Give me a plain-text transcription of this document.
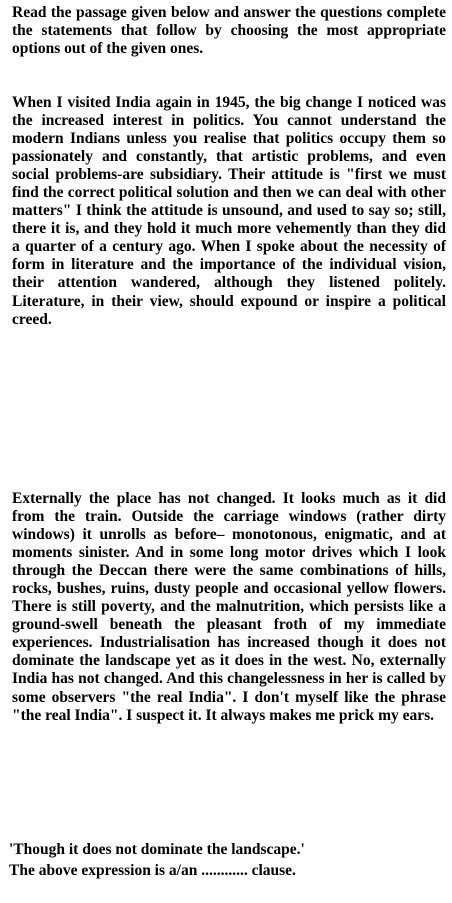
Read the passage given below and answer the questions complete the statements that follow by choosing the most appropriate options out of the given ones.

When I visited India again in 1945, the big change I noticed was the increased interest in politics. You cannot understand the modern Indians unless you realise that politics occupy them so passionately and constantly, that artistic problems, and even social problems-are subsidiary. Their attitude is "first we must find the correct political solution and then we can deal with other matters" I think the attitude is unsound, and used to say so; still, there it is, and they hold it much more vehemently than they did a quarter of a century ago. When I spoke about the necessity of form in literature and the importance of the individual vision, their attention wandered, although they listened politely. Literature, in their view, should expound or inspire a political creed.

Externally the place has not changed. It looks much as it did from the train. Outside the carriage windows (rather dirty windows) it unrolls as before– monotonous, enigmatic, and at moments sinister. And in some long motor drives which I look through the Deccan there were the same combinations of hills, rocks, bushes, ruins, dusty people and occasional yellow flowers. There is still poverty, and the malnutrition, which persists like a ground-swell beneath the pleasant froth of my immediate experiences. Industrialisation has increased though it does not dominate the landscape yet as it does in the west. No, externally India has not changed. And this changelessness in her is called by some observers "the real India". I don't myself like the phrase "the real India". I suspect it. It always makes me prick my ears.

'Though it does not dominate the landscape.'

The above expression is a/an ............ clause.
